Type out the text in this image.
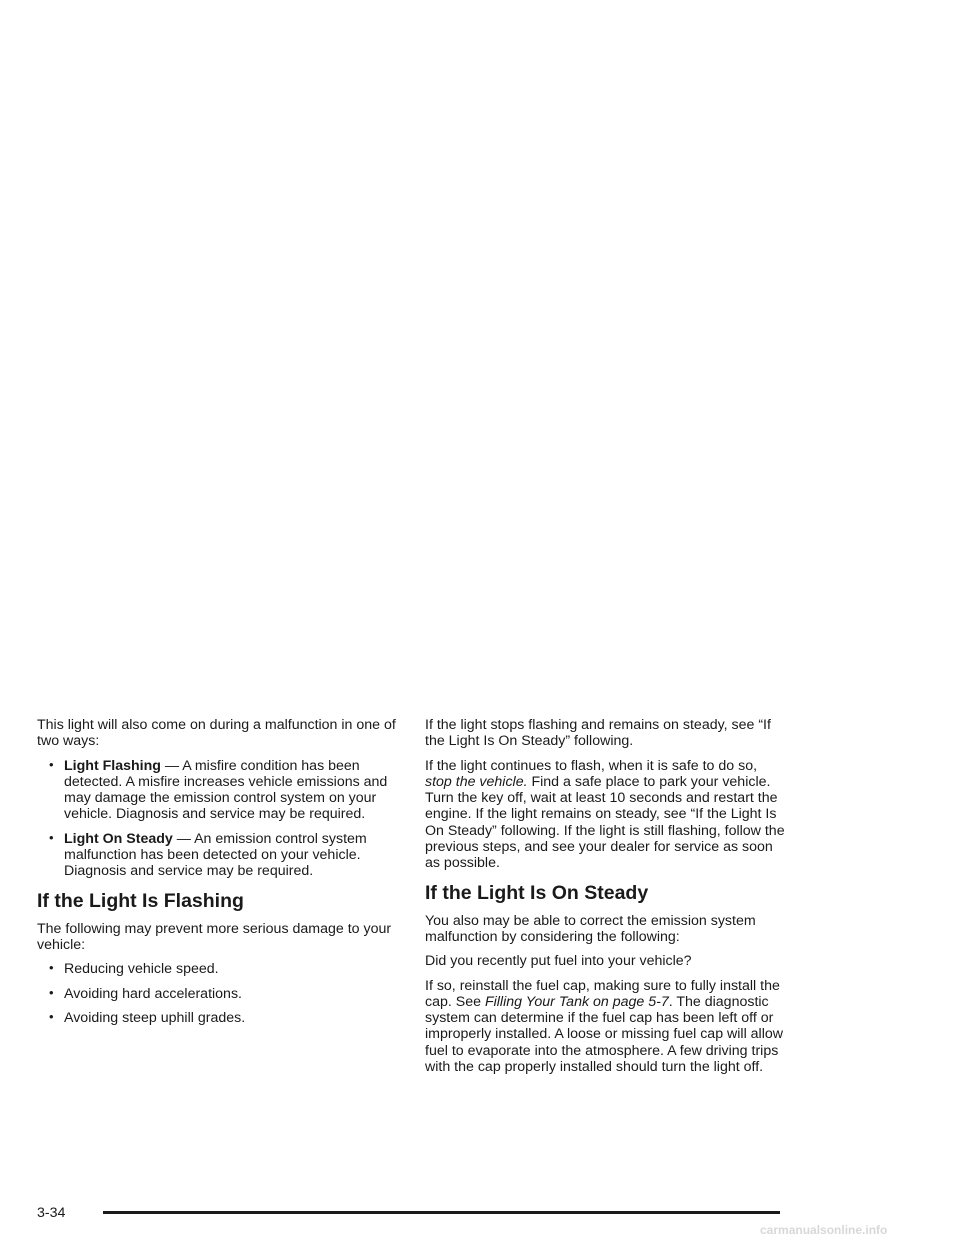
This light will also come on during a malfunction in one of two ways:

• Light Flashing — A misfire condition has been detected. A misfire increases vehicle emissions and may damage the emission control system on your vehicle. Diagnosis and service may be required.
• Light On Steady — An emission control system malfunction has been detected on your vehicle. Diagnosis and service may be required.
If the Light Is Flashing

The following may prevent more serious damage to your vehicle:

• Reducing vehicle speed.
• Avoiding hard accelerations.
• Avoiding steep uphill grades.

If the light stops flashing and remains on steady, see “If the Light Is On Steady” following.

If the light continues to flash, when it is safe to do so, stop the vehicle. Find a safe place to park your vehicle. Turn the key off, wait at least 10 seconds and restart the engine. If the light remains on steady, see “If the Light Is On Steady” following. If the light is still flashing, follow the previous steps, and see your dealer for service as soon as possible.

If the Light Is On Steady

You also may be able to correct the emission system malfunction by considering the following:

Did you recently put fuel into your vehicle?

If so, reinstall the fuel cap, making sure to fully install the cap. See Filling Your Tank on page 5-7. The diagnostic system can determine if the fuel cap has been left off or improperly installed. A loose or missing fuel cap will allow fuel to evaporate into the atmosphere. A few driving trips with the cap properly installed should turn the light off.

3-34
carmanualsonline.info
